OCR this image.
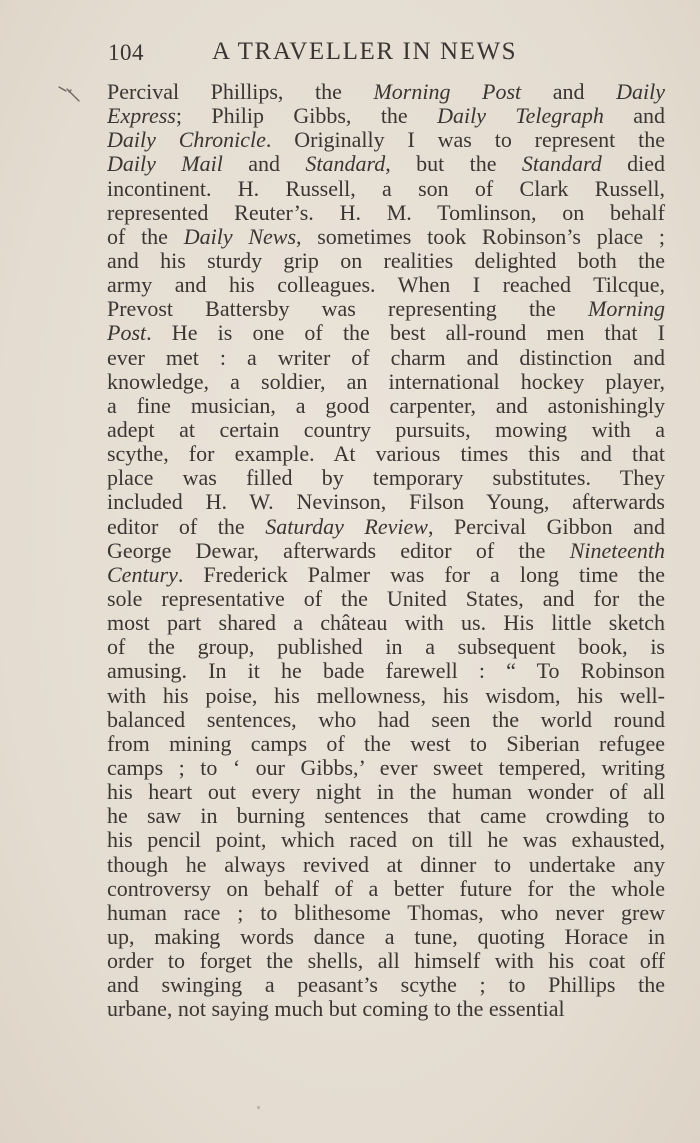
104	A TRAVELLER IN NEWS
Percival Phillips, the Morning Post and Daily
Express; Philip Gibbs, the Daily Telegraph and
Daily Chronicle. Originally I was to represent the
Daily Mail and Standard, but the Standard died
incontinent. H. Russell, a son of Clark Russell,
represented Reuter’s. H. M. Tomlinson, on behalf
of the Daily News, sometimes took Robinson’s place ;
and his sturdy grip on realities delighted both the
army and his colleagues. When I reached Tilcque,
Prevost Battersby was representing the Morning
Post. He is one of the best all-round men that I
ever met : a writer of charm and distinction and
knowledge, a soldier, an international hockey player,
a fine musician, a good carpenter, and astonishingly
adept at certain country pursuits, mowing with a
scythe, for example. At various times this and that
place was filled by temporary substitutes. They
included H. W. Nevinson, Filson Young, afterwards
editor of the Saturday Review, Percival Gibbon and
George Dewar, afterwards editor of the Nineteenth
Century. Frederick Palmer was for a long time the
sole representative of the United States, and for the
most part shared a château with us. His little sketch
of the group, published in a subsequent book, is
amusing. In it he bade farewell : “ To Robinson
with his poise, his mellowness, his wisdom, his well-
balanced sentences, who had seen the world round
from mining camps of the west to Siberian refugee
camps ; to ‘ our Gibbs,’ ever sweet tempered, writing
his heart out every night in the human wonder of all
he saw in burning sentences that came crowding to
his pencil point, which raced on till he was exhausted,
though he always revived at dinner to undertake any
controversy on behalf of a better future for the whole
human race ; to blithesome Thomas, who never grew
up, making words dance a tune, quoting Horace in
order to forget the shells, all himself with his coat off
and swinging a peasant’s scythe ; to Phillips the
urbane, not saying much but coming to the essential
